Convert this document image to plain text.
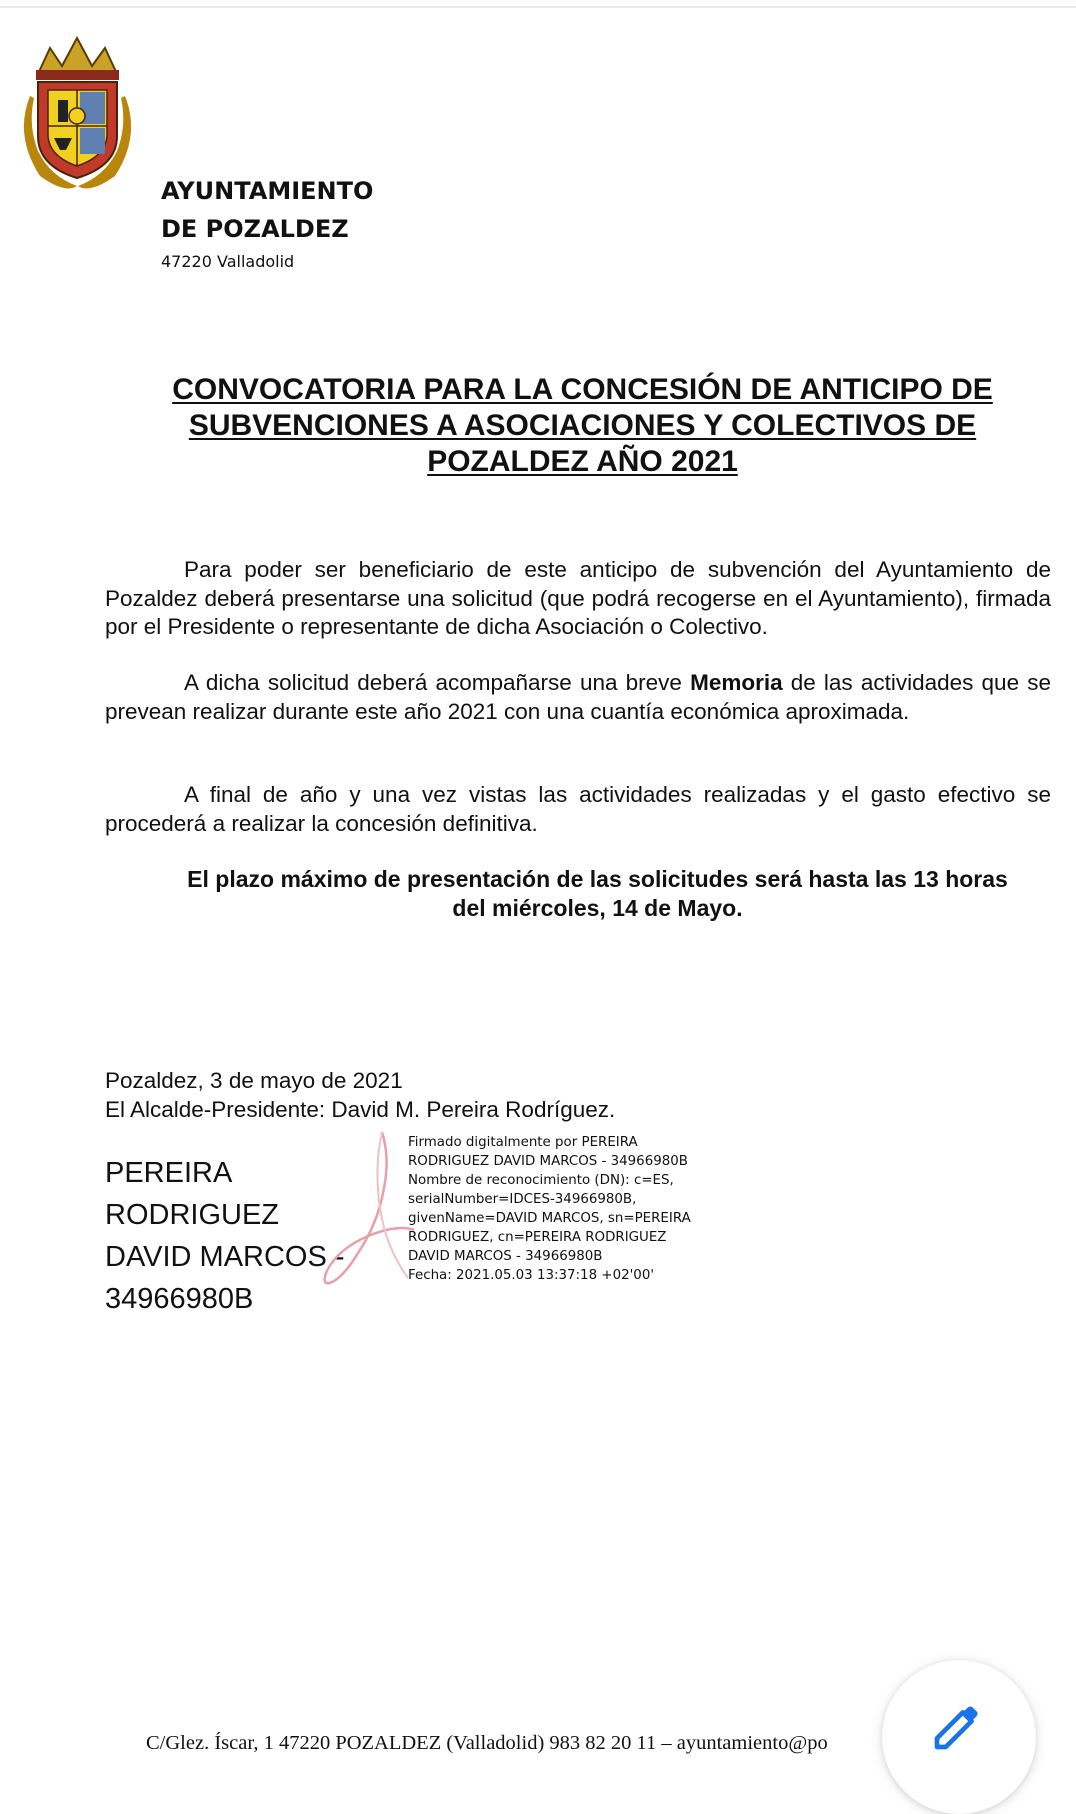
AYUNTAMIENTO
DE POZALDEZ
47220 Valladolid
CONVOCATORIA PARA LA CONCESIÓN DE ANTICIPO DE
SUBVENCIONES A ASOCIACIONES Y COLECTIVOS DE
POZALDEZ AÑO 2021
Para poder ser beneficiario de este anticipo de subvención del Ayuntamiento de Pozaldez deberá presentarse una solicitud (que podrá recogerse en el Ayuntamiento), firmada por el Presidente o representante de dicha Asociación o Colectivo.
A dicha solicitud deberá acompañarse una breve Memoria de las actividades que se prevean realizar durante este año 2021 con una cuantía económica aproximada.
A final de año y una vez vistas las actividades realizadas y el gasto efectivo se procederá a realizar la concesión definitiva.
El plazo máximo de presentación de las solicitudes será hasta las 13 horas
del miércoles, 14 de Mayo.
Pozaldez, 3 de mayo de 2021
El Alcalde-Presidente: David M. Pereira Rodríguez.
PEREIRA RODRIGUEZ
DAVID MARCOS -
34966980B
Firmado digitalmente por PEREIRA
RODRIGUEZ DAVID MARCOS - 34966980B
Nombre de reconocimiento (DN): c=ES,
serialNumber=IDCES-34966980B,
givenName=DAVID MARCOS, sn=PEREIRA
RODRIGUEZ, cn=PEREIRA RODRIGUEZ
DAVID MARCOS - 34966980B
Fecha: 2021.05.03 13:37:18 +02'00'
C/Glez. Íscar, 1 47220 POZALDEZ (Valladolid) 983 82 20 11 – ayuntamiento@po
